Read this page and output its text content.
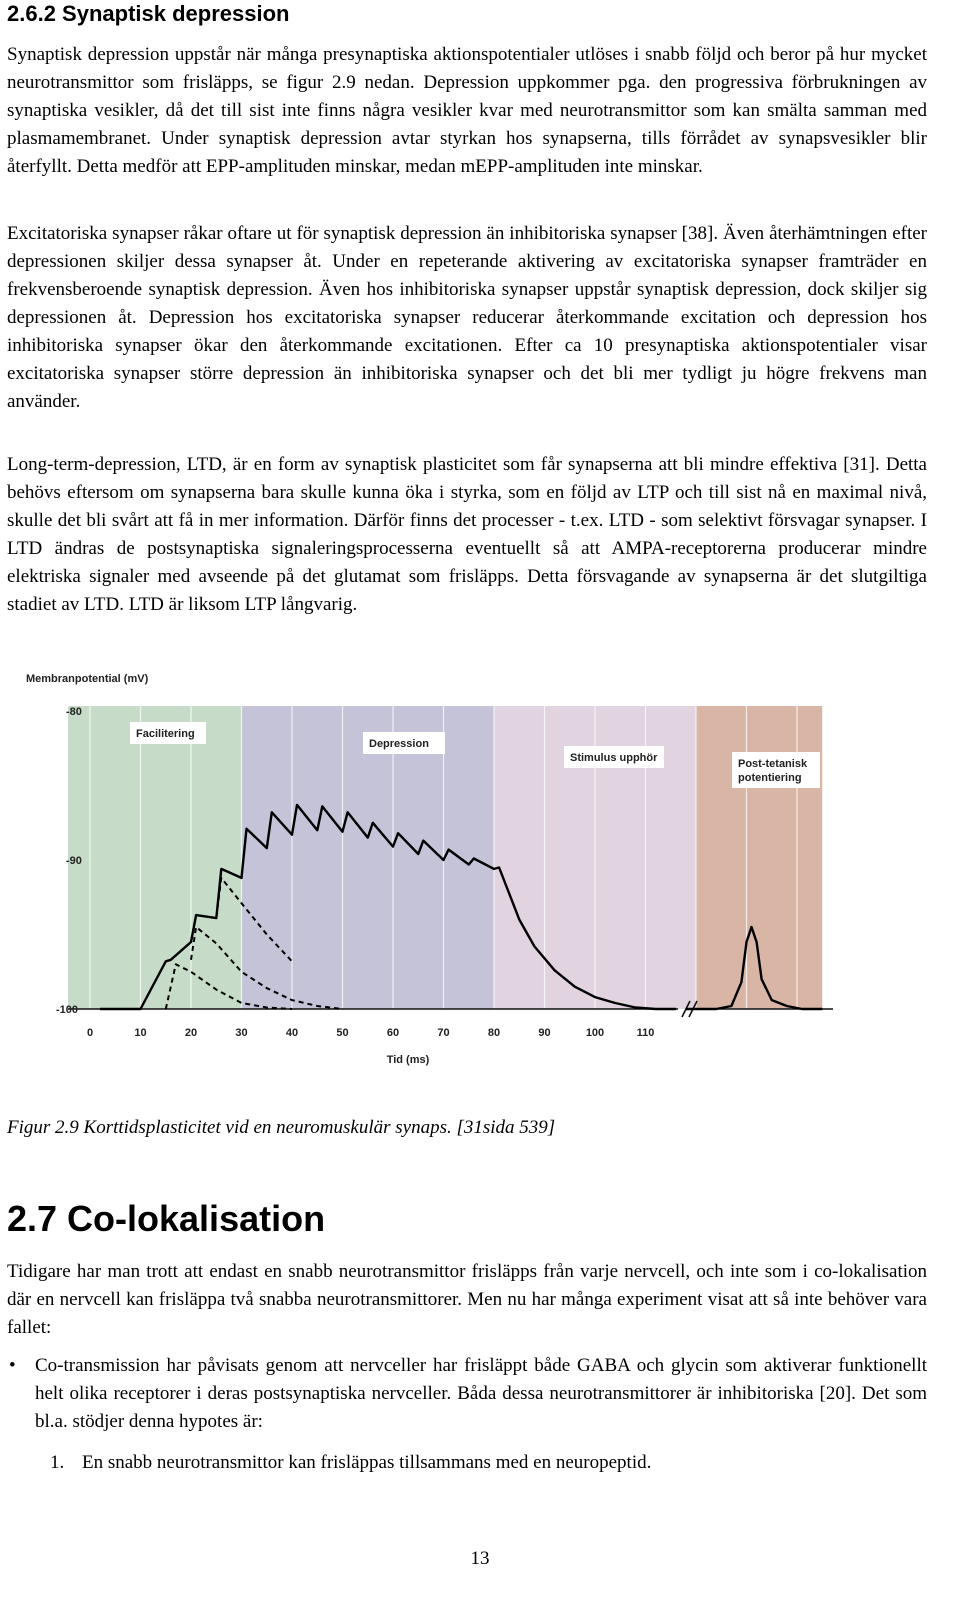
2.6.2 Synaptisk depression

Synaptisk depression uppstår när många presynaptiska aktionspotentialer utlöses i snabb följd och beror på hur mycket neurotransmittor som frisläpps, se figur 2.9 nedan. Depression uppkommer pga. den progressiva förbrukningen av synaptiska vesikler, då det till sist inte finns några vesikler kvar med neurotransmittor som kan smälta samman med plasmamembranet. Under synaptisk depression avtar styrkan hos synapserna, tills förrådet av synapsvesikler blir återfyllt. Detta medför att EPP-amplituden minskar, medan mEPP-amplituden inte minskar.

Excitatoriska synapser råkar oftare ut för synaptisk depression än inhibitoriska synapser [38]. Även återhämtningen efter depressionen skiljer dessa synapser åt. Under en repeterande aktivering av excitatoriska synapser framträder en frekvensberoende synaptisk depression. Även hos inhibitoriska synapser uppstår synaptisk depression, dock skiljer sig depressionen åt. Depression hos excitatoriska synapser reducerar återkommande excitation och depression hos inhibitoriska synapser ökar den återkommande excitationen. Efter ca 10 presynaptiska aktionspotentialer visar excitatoriska synapser större depression än inhibitoriska synapser och det bli mer tydligt ju högre frekvens man använder.

Long-term-depression, LTD, är en form av synaptisk plasticitet som får synapserna att bli mindre effektiva [31]. Detta behövs eftersom om synapserna bara skulle kunna öka i styrka, som en följd av LTP och till sist nå en maximal nivå, skulle det bli svårt att få in mer information. Därför finns det processer - t.ex. LTD - som selektivt försvagar synapser. I LTD ändras de postsynaptiska signaleringsprocesserna eventuellt så att AMPA-receptorerna producerar mindre elektriska signaler med avseende på det glutamat som frisläpps. Detta försvagande av synapserna är det slutgiltiga stadiet av LTD. LTD är liksom LTP långvarig.

Membranpotential (mV)
-80
-90
-100
0	10	20	30	40	50	60	70	80	90	100	110
Tid (ms)
Facilitering
Depression
Stimulus upphör	Post-tetanisk
potentiering

Figur 2.9 Korttidsplasticitet vid en neuromuskulär synaps. [31sida 539]

2.7 Co-lokalisation

Tidigare har man trott att endast en snabb neurotransmittor frisläpps från varje nervcell, och inte som i co-lokalisation där en nervcell kan frisläppa två snabba neurotransmittorer. Men nu har många experiment visat att så inte behöver vara fallet:

• Co-transmission har påvisats genom att nervceller har frisläppt både GABA och glycin som aktiverar funktionellt helt olika receptorer i deras postsynaptiska nervceller. Båda dessa neurotransmittorer är inhibitoriska [20]. Det som bl.a. stödjer denna hypotes är:
1. En snabb neurotransmittor kan frisläppas tillsammans med en neuropeptid.
13
